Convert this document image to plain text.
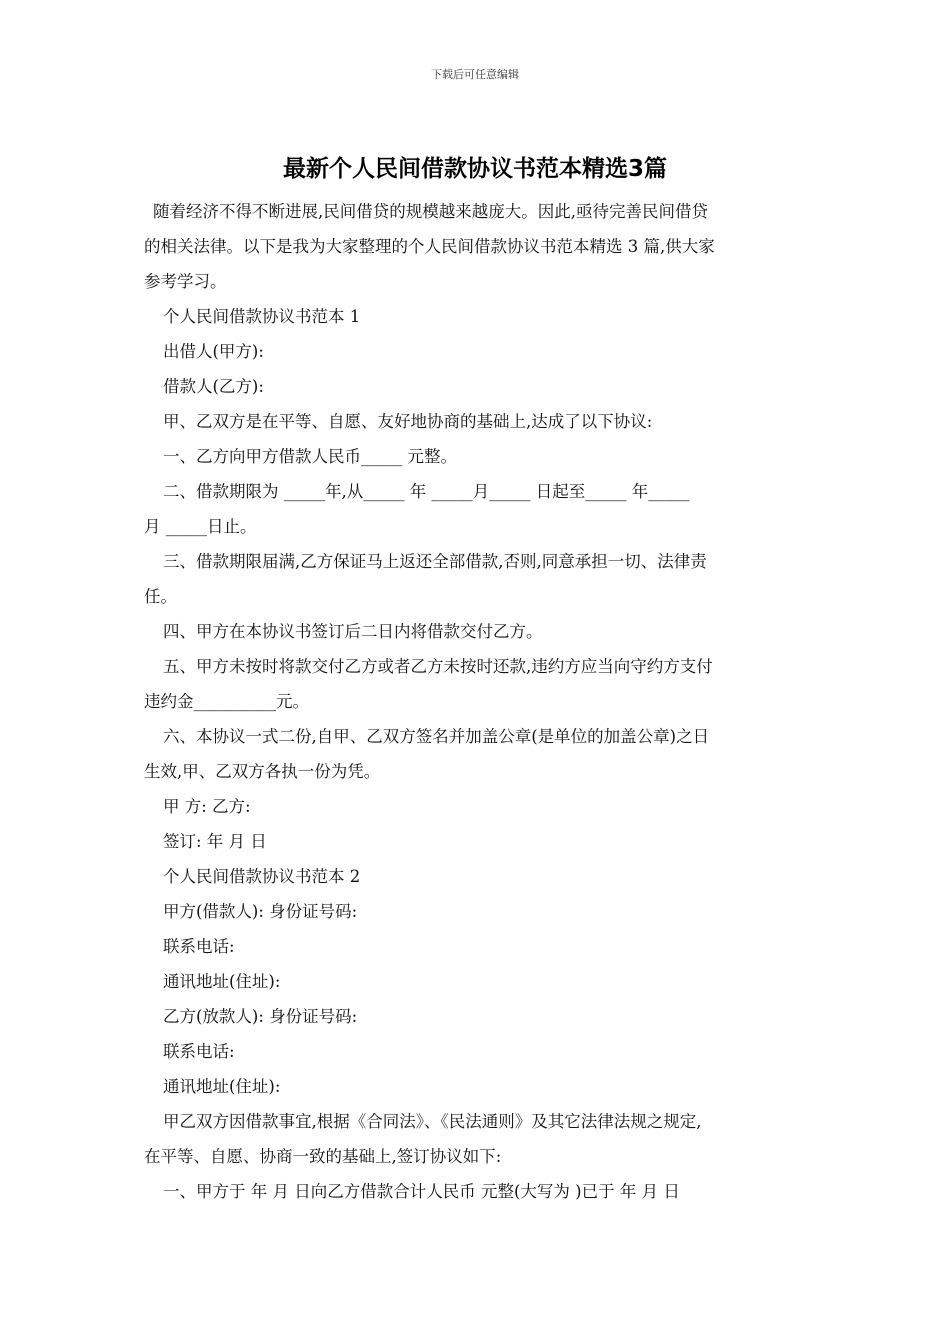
下载后可任意编辑
最新个人民间借款协议书范本精选3篇

随着经济不得不断进展,民间借贷的规模越来越庞大。因此,亟待完善民间借贷

的相关法律。以下是我为大家整理的个人民间借款协议书范本精选 3 篇,供大家

参考学习。

个人民间借款协议书范本 1

出借人(甲方):

借款人(乙方):

甲、乙双方是在平等、自愿、友好地协商的基础上,达成了以下协议:

一、乙方向甲方借款人民币_____ 元整。

二、借款期限为 _____年,从_____ 年 _____月_____ 日起至_____ 年_____

月 _____日止。

三、借款期限届满,乙方保证马上返还全部借款,否则,同意承担一切、法律责

任。

四、甲方在本协议书签订后二日内将借款交付乙方。

五、甲方未按时将款交付乙方或者乙方未按时还款,违约方应当向守约方支付

违约金__________元。

六、本协议一式二份,自甲、乙双方签名并加盖公章(是单位的加盖公章)之日

生效,甲、乙双方各执一份为凭。

甲 方: 乙方:

签订: 年 月 日

个人民间借款协议书范本 2

甲方(借款人): 身份证号码:

联系电话:

通讯地址(住址):

乙方(放款人): 身份证号码:

联系电话:

通讯地址(住址):

甲乙双方因借款事宜,根据《合同法》、《民法通则》及其它法律法规之规定,

在平等、自愿、协商一致的基础上,签订协议如下:

一、甲方于 年 月 日向乙方借款合计人民币 元整(大写为 )已于 年 月 日
